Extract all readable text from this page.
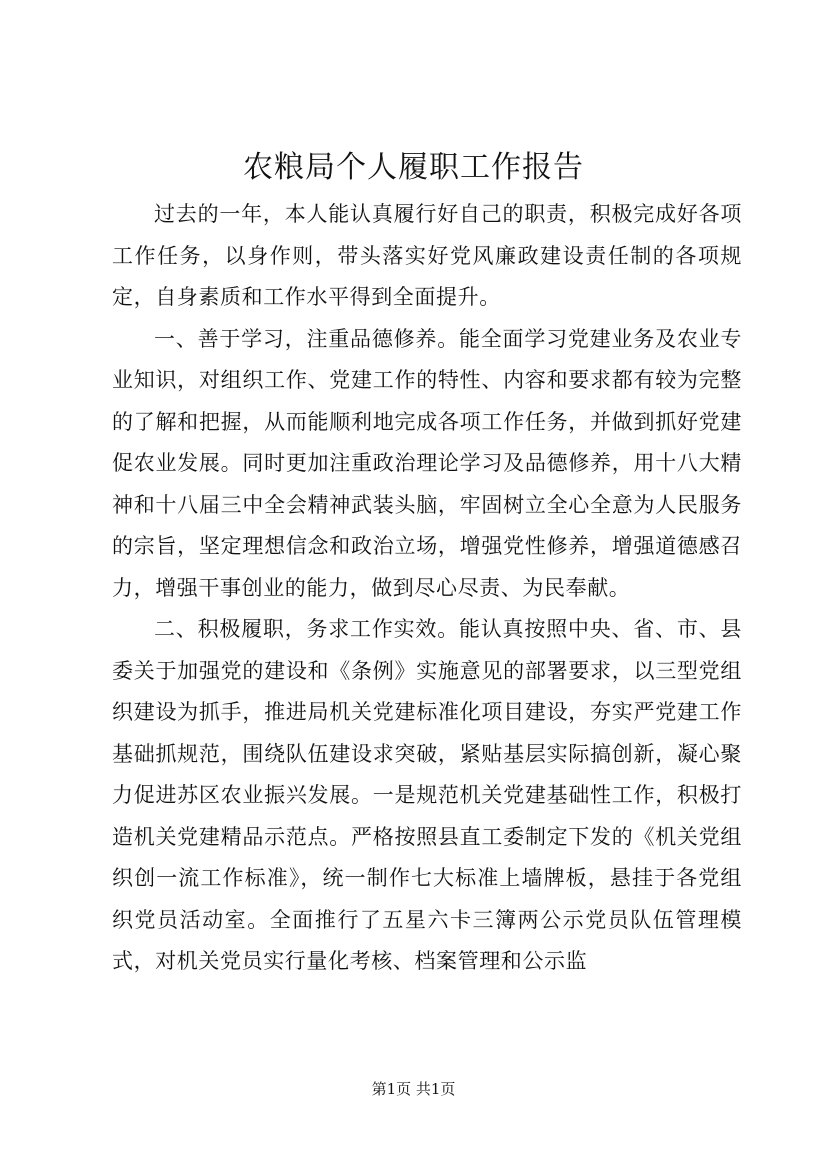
农粮局个人履职工作报告

过去的一年，本人能认真履行好自己的职责，积极完成好各项工作任务，以身作则，带头落实好党风廉政建设责任制的各项规定，自身素质和工作水平得到全面提升。

一、善于学习，注重品德修养。能全面学习党建业务及农业专业知识，对组织工作、党建工作的特性、内容和要求都有较为完整的了解和把握，从而能顺利地完成各项工作任务，并做到抓好党建促农业发展。同时更加注重政治理论学习及品德修养，用十八大精神和十八届三中全会精神武装头脑，牢固树立全心全意为人民服务的宗旨，坚定理想信念和政治立场，增强党性修养，增强道德感召力，增强干事创业的能力，做到尽心尽责、为民奉献。

二、积极履职，务求工作实效。能认真按照中央、省、市、县委关于加强党的建设和《条例》实施意见的部署要求，以三型党组织建设为抓手，推进局机关党建标准化项目建设，夯实严党建工作基础抓规范，围绕队伍建设求突破，紧贴基层实际搞创新，凝心聚力促进苏区农业振兴发展。一是规范机关党建基础性工作，积极打造机关党建精品示范点。严格按照县直工委制定下发的《机关党组织创一流工作标准》，统一制作七大标准上墙牌板，悬挂于各党组织党员活动室。全面推行了五星六卡三簿两公示党员队伍管理模式，对机关党员实行量化考核、档案管理和公示监

第1页 共1页
